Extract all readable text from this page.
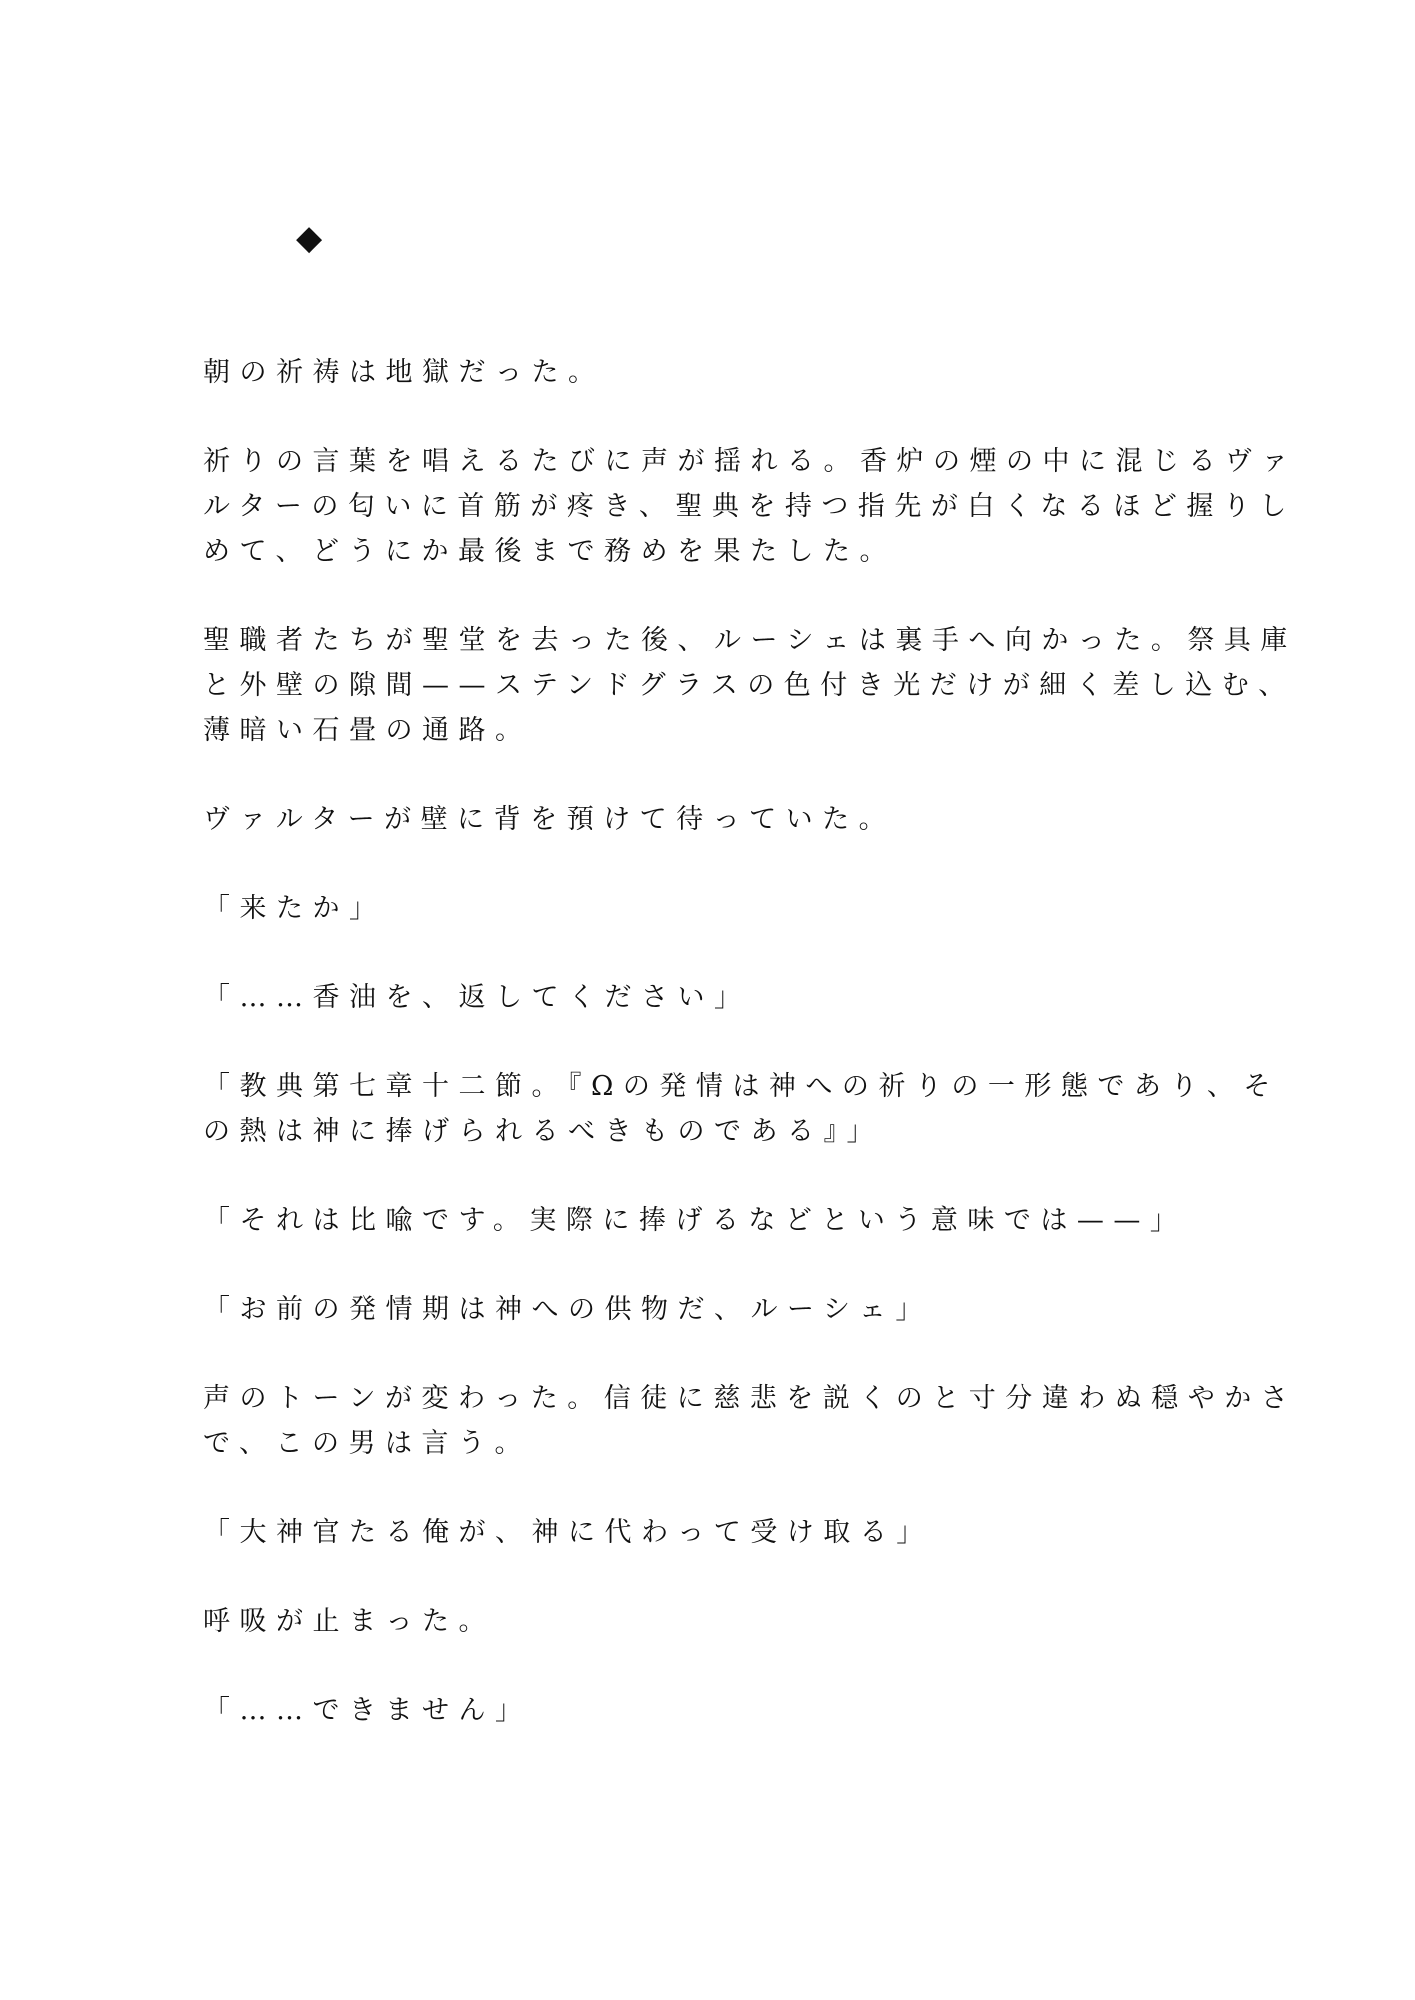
◆

朝の祈祷は地獄だった。

祈りの言葉を唱えるたびに声が揺れる。香炉の煙の中に混じるヴァ
ルターの匂いに首筋が疼き、聖典を持つ指先が白くなるほど握りし
めて、どうにか最後まで務めを果たした。

聖職者たちが聖堂を去った後、ルーシェは裏手へ向かった。祭具庫
と外壁の隙間——ステンドグラスの色付き光だけが細く差し込む、
薄暗い石畳の通路。

ヴァルターが壁に背を預けて待っていた。

「来たか」

「……香油を、返してください」

「教典第七章十二節。『Ωの発情は神への祈りの一形態であり、そ
の熱は神に捧げられるべきものである』」

「それは比喩です。実際に捧げるなどという意味では——」

「お前の発情期は神への供物だ、ルーシェ」

声のトーンが変わった。信徒に慈悲を説くのと寸分違わぬ穏やかさ
で、この男は言う。

「大神官たる俺が、神に代わって受け取る」

呼吸が止まった。

「……できません」
